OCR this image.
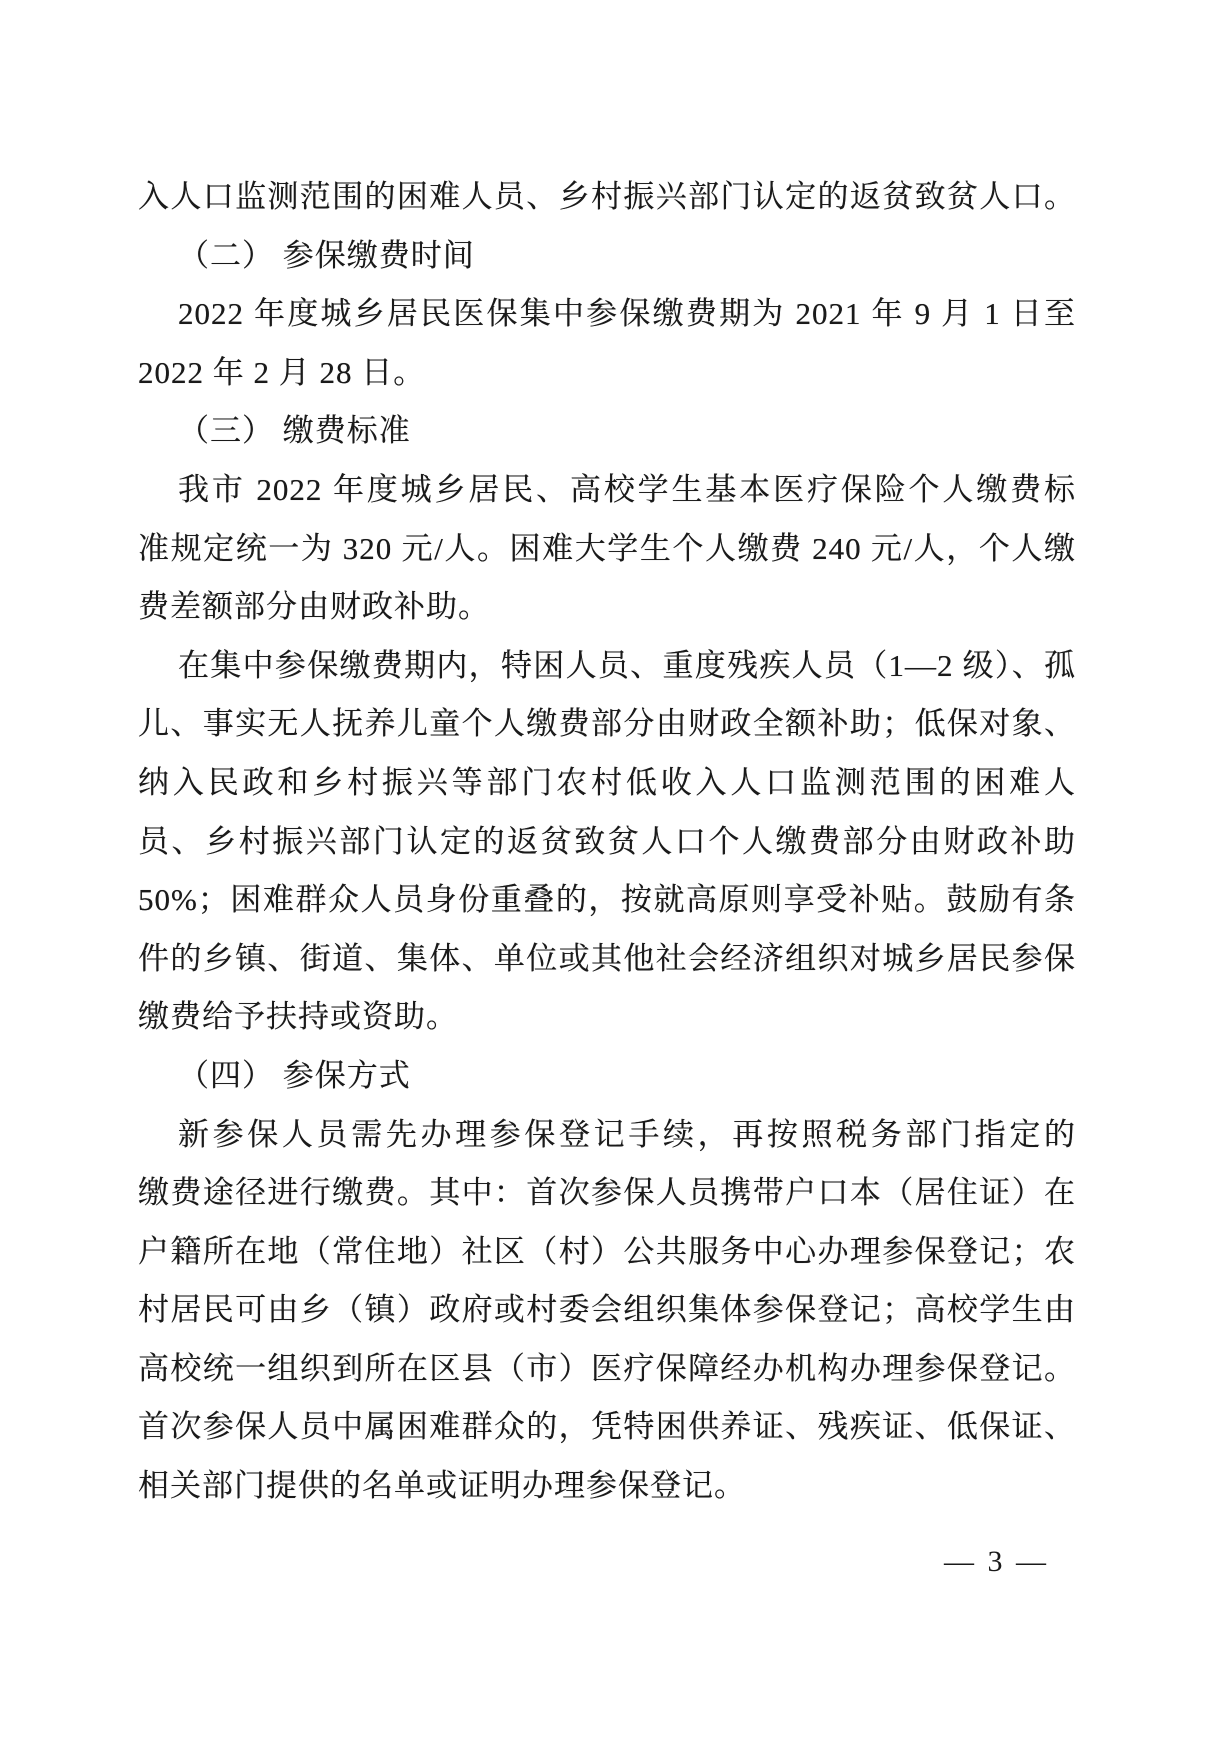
入人口监测范围的困难人员、乡村振兴部门认定的返贫致贫人口。
（二） 参保缴费时间
2022 年度城乡居民医保集中参保缴费期为 2021 年 9 月 1 日至
2022 年 2 月 28 日。
（三） 缴费标准
我市 2022 年度城乡居民、高校学生基本医疗保险个人缴费标
准规定统一为 320 元/人。困难大学生个人缴费 240 元/人，个人缴
费差额部分由财政补助。
在集中参保缴费期内，特困人员、重度残疾人员（1—2 级）、孤
儿、事实无人抚养儿童个人缴费部分由财政全额补助；低保对象、
纳入民政和乡村振兴等部门农村低收入人口监测范围的困难人
员、乡村振兴部门认定的返贫致贫人口个人缴费部分由财政补助
50%；困难群众人员身份重叠的，按就高原则享受补贴。鼓励有条
件的乡镇、街道、集体、单位或其他社会经济组织对城乡居民参保
缴费给予扶持或资助。
（四） 参保方式
新参保人员需先办理参保登记手续，再按照税务部门指定的
缴费途径进行缴费。其中：首次参保人员携带户口本（居住证）在
户籍所在地（常住地）社区（村）公共服务中心办理参保登记；农
村居民可由乡（镇）政府或村委会组织集体参保登记；高校学生由
高校统一组织到所在区县（市）医疗保障经办机构办理参保登记。
首次参保人员中属困难群众的，凭特困供养证、残疾证、低保证、
相关部门提供的名单或证明办理参保登记。
— 3 —
